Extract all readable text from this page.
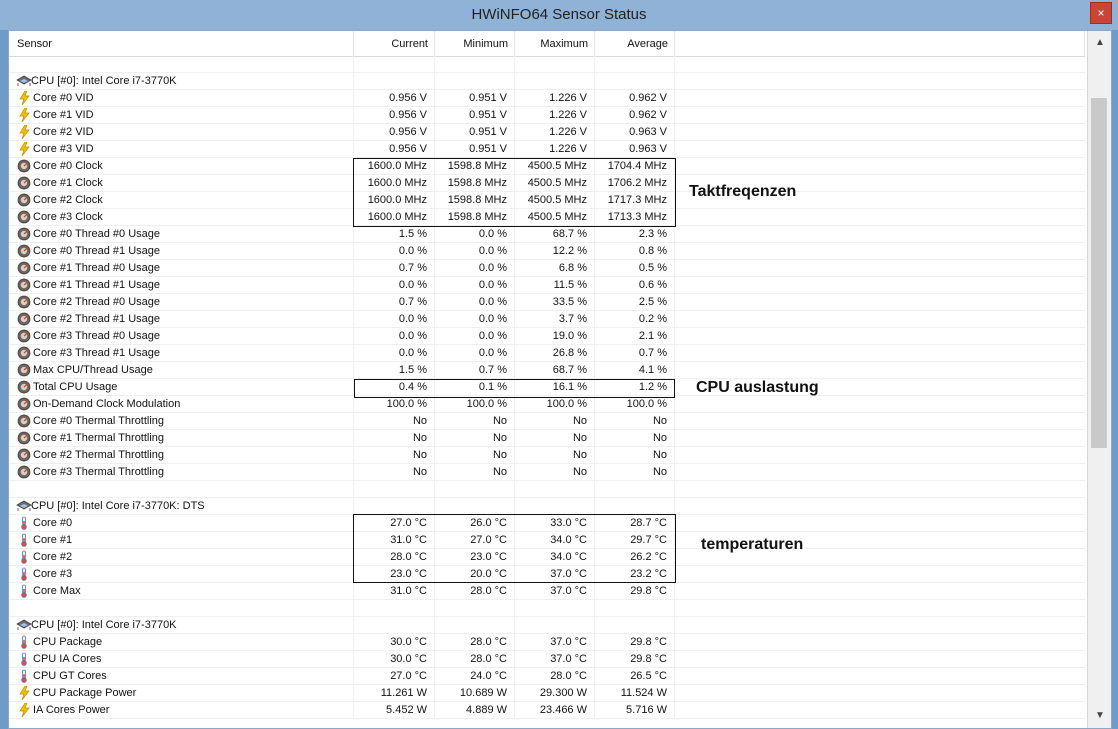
HWiNFO64 Sensor Status	×
Sensor	Current	Minimum	Maximum	Average
CPU [#0]: Intel Core i7-3770K
Core #0 VID	0.956 V	0.951 V	1.226 V	0.962 V
Core #1 VID	0.956 V	0.951 V	1.226 V	0.962 V
Core #2 VID	0.956 V	0.951 V	1.226 V	0.963 V
Core #3 VID	0.956 V	0.951 V	1.226 V	0.963 V
Core #0 Clock	1600.0 MHz	1598.8 MHz	4500.5 MHz	1704.4 MHz
Core #1 Clock	1600.0 MHz	1598.8 MHz	4500.5 MHz	1706.2 MHz
Core #2 Clock	1600.0 MHz	1598.8 MHz	4500.5 MHz	1717.3 MHz
Core #3 Clock	1600.0 MHz	1598.8 MHz	4500.5 MHz	1713.3 MHz
Core #0 Thread #0 Usage	1.5 %	0.0 %	68.7 %	2.3 %
Core #0 Thread #1 Usage	0.0 %	0.0 %	12.2 %	0.8 %
Core #1 Thread #0 Usage	0.7 %	0.0 %	6.8 %	0.5 %
Core #1 Thread #1 Usage	0.0 %	0.0 %	11.5 %	0.6 %
Core #2 Thread #0 Usage	0.7 %	0.0 %	33.5 %	2.5 %
Core #2 Thread #1 Usage	0.0 %	0.0 %	3.7 %	0.2 %
Core #3 Thread #0 Usage	0.0 %	0.0 %	19.0 %	2.1 %
Core #3 Thread #1 Usage	0.0 %	0.0 %	26.8 %	0.7 %
Max CPU/Thread Usage	1.5 %	0.7 %	68.7 %	4.1 %
Total CPU Usage	0.4 %	0.1 %	16.1 %	1.2 %
On-Demand Clock Modulation	100.0 %	100.0 %	100.0 %	100.0 %
Core #0 Thermal Throttling	No	No	No	No
Core #1 Thermal Throttling	No	No	No	No
Core #2 Thermal Throttling	No	No	No	No
Core #3 Thermal Throttling	No	No	No	No
CPU [#0]: Intel Core i7-3770K: DTS
Core #0	27.0 °C	26.0 °C	33.0 °C	28.7 °C
Core #1	31.0 °C	27.0 °C	34.0 °C	29.7 °C
Core #2	28.0 °C	23.0 °C	34.0 °C	26.2 °C
Core #3	23.0 °C	20.0 °C	37.0 °C	23.2 °C
Core Max	31.0 °C	28.0 °C	37.0 °C	29.8 °C
CPU [#0]: Intel Core i7-3770K
CPU Package	30.0 °C	28.0 °C	37.0 °C	29.8 °C
CPU IA Cores	30.0 °C	28.0 °C	37.0 °C	29.8 °C
CPU GT Cores	27.0 °C	24.0 °C	28.0 °C	26.5 °C
CPU Package Power	11.261 W	10.689 W	29.300 W	11.524 W
IA Cores Power	5.452 W	4.889 W	23.466 W	5.716 W
Taktfreqenzen
CPU auslastung
temperaturen
▲
▼
